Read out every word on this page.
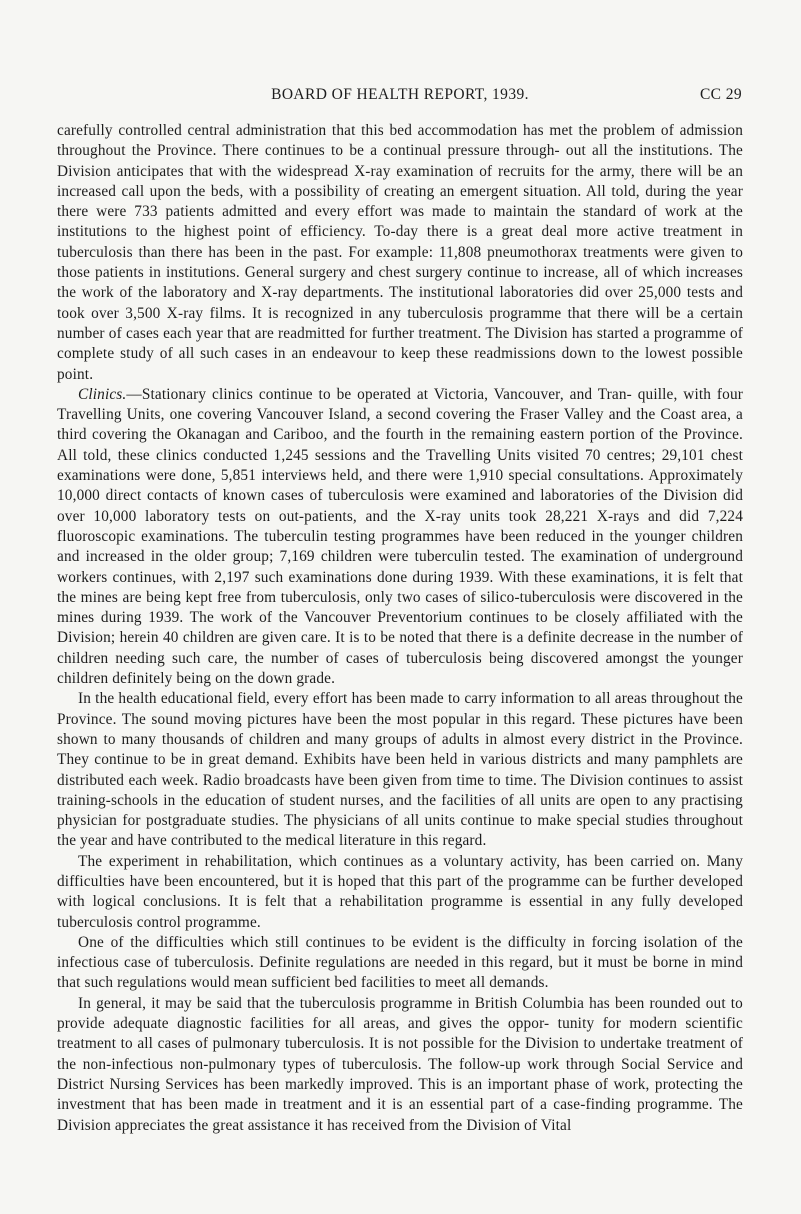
BOARD OF HEALTH REPORT, 1939.	CC 29

carefully controlled central administration that this bed accommodation has met the problem of admission throughout the Province. There continues to be a continual pressure through- out all the institutions. The Division anticipates that with the widespread X-ray examination of recruits for the army, there will be an increased call upon the beds, with a possibility of creating an emergent situation. All told, during the year there were 733 patients admitted and every effort was made to maintain the standard of work at the institutions to the highest point of efficiency. To-day there is a great deal more active treatment in tuberculosis than there has been in the past. For example: 11,808 pneumothorax treatments were given to those patients in institutions. General surgery and chest surgery continue to increase, all of which increases the work of the laboratory and X-ray departments. The institutional laboratories did over 25,000 tests and took over 3,500 X-ray films. It is recognized in any tuberculosis programme that there will be a certain number of cases each year that are readmitted for further treatment. The Division has started a programme of complete study of all such cases in an endeavour to keep these readmissions down to the lowest possible point.

Clinics.—Stationary clinics continue to be operated at Victoria, Vancouver, and Tran- quille, with four Travelling Units, one covering Vancouver Island, a second covering the Fraser Valley and the Coast area, a third covering the Okanagan and Cariboo, and the fourth in the remaining eastern portion of the Province. All told, these clinics conducted 1,245 sessions and the Travelling Units visited 70 centres; 29,101 chest examinations were done, 5,851 interviews held, and there were 1,910 special consultations. Approximately 10,000 direct contacts of known cases of tuberculosis were examined and laboratories of the Division did over 10,000 laboratory tests on out-patients, and the X-ray units took 28,221 X-rays and did 7,224 fluoroscopic examinations. The tuberculin testing programmes have been reduced in the younger children and increased in the older group; 7,169 children were tuberculin tested. The examination of underground workers continues, with 2,197 such examinations done during 1939. With these examinations, it is felt that the mines are being kept free from tuberculosis, only two cases of silico-tuberculosis were discovered in the mines during 1939. The work of the Vancouver Preventorium continues to be closely affiliated with the Division; herein 40 children are given care. It is to be noted that there is a definite decrease in the number of children needing such care, the number of cases of tuberculosis being discovered amongst the younger children definitely being on the down grade.

In the health educational field, every effort has been made to carry information to all areas throughout the Province. The sound moving pictures have been the most popular in this regard. These pictures have been shown to many thousands of children and many groups of adults in almost every district in the Province. They continue to be in great demand. Exhibits have been held in various districts and many pamphlets are distributed each week. Radio broadcasts have been given from time to time. The Division continues to assist training-schools in the education of student nurses, and the facilities of all units are open to any practising physician for postgraduate studies. The physicians of all units continue to make special studies throughout the year and have contributed to the medical literature in this regard.

The experiment in rehabilitation, which continues as a voluntary activity, has been carried on. Many difficulties have been encountered, but it is hoped that this part of the programme can be further developed with logical conclusions. It is felt that a rehabilitation programme is essential in any fully developed tuberculosis control programme.

One of the difficulties which still continues to be evident is the difficulty in forcing isolation of the infectious case of tuberculosis. Definite regulations are needed in this regard, but it must be borne in mind that such regulations would mean sufficient bed facilities to meet all demands.

In general, it may be said that the tuberculosis programme in British Columbia has been rounded out to provide adequate diagnostic facilities for all areas, and gives the oppor- tunity for modern scientific treatment to all cases of pulmonary tuberculosis. It is not possible for the Division to undertake treatment of the non-infectious non-pulmonary types of tuberculosis. The follow-up work through Social Service and District Nursing Services has been markedly improved. This is an important phase of work, protecting the investment that has been made in treatment and it is an essential part of a case-finding programme. The Division appreciates the great assistance it has received from the Division of Vital
